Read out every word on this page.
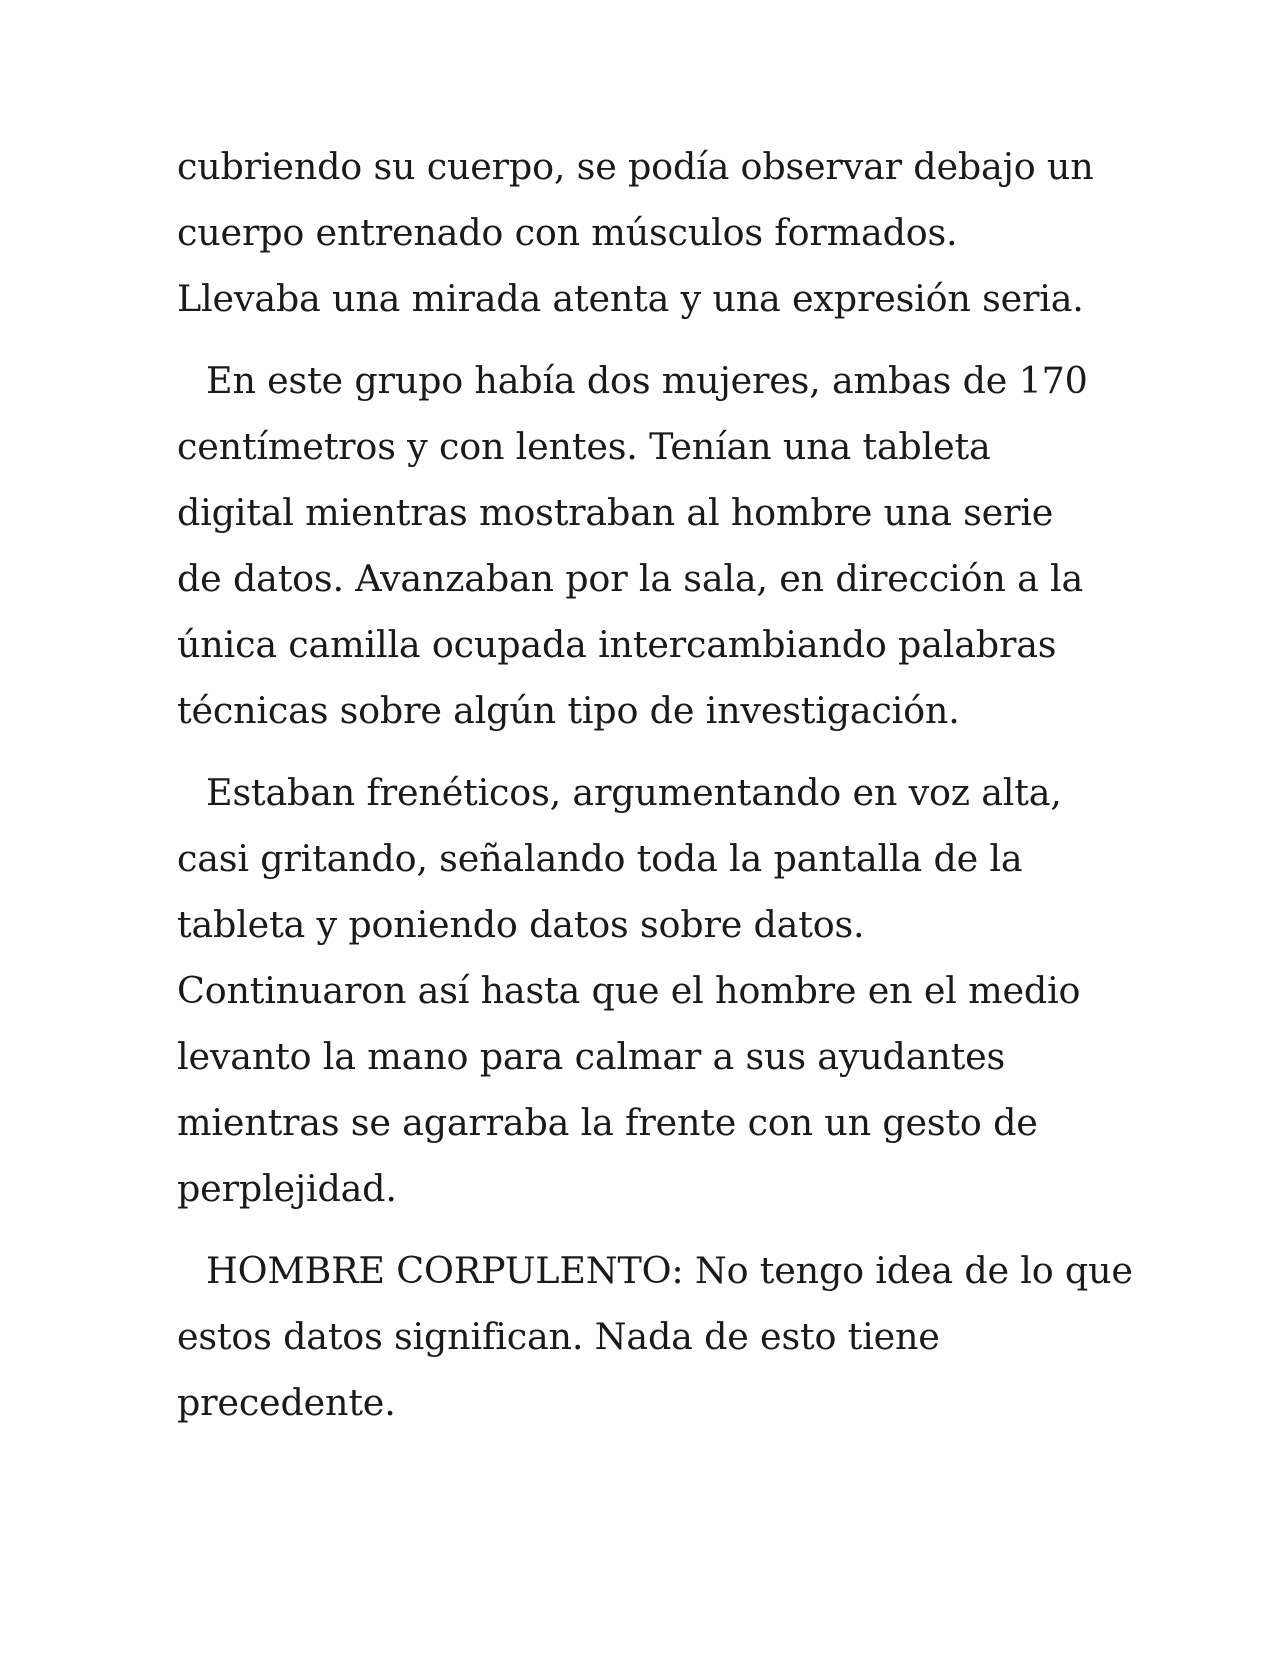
cubriendo su cuerpo, se podía observar debajo un
cuerpo entrenado con músculos formados.
Llevaba una mirada atenta y una expresión seria.
En este grupo había dos mujeres, ambas de 170
centímetros y con lentes. Tenían una tableta
digital mientras mostraban al hombre una serie
de datos. Avanzaban por la sala, en dirección a la
única camilla ocupada intercambiando palabras
técnicas sobre algún tipo de investigación.
Estaban frenéticos, argumentando en voz alta,
casi gritando, señalando toda la pantalla de la
tableta y poniendo datos sobre datos.
Continuaron así hasta que el hombre en el medio
levanto la mano para calmar a sus ayudantes
mientras se agarraba la frente con un gesto de
perplejidad.
HOMBRE CORPULENTO: No tengo idea de lo que
estos datos significan. Nada de esto tiene
precedente.
